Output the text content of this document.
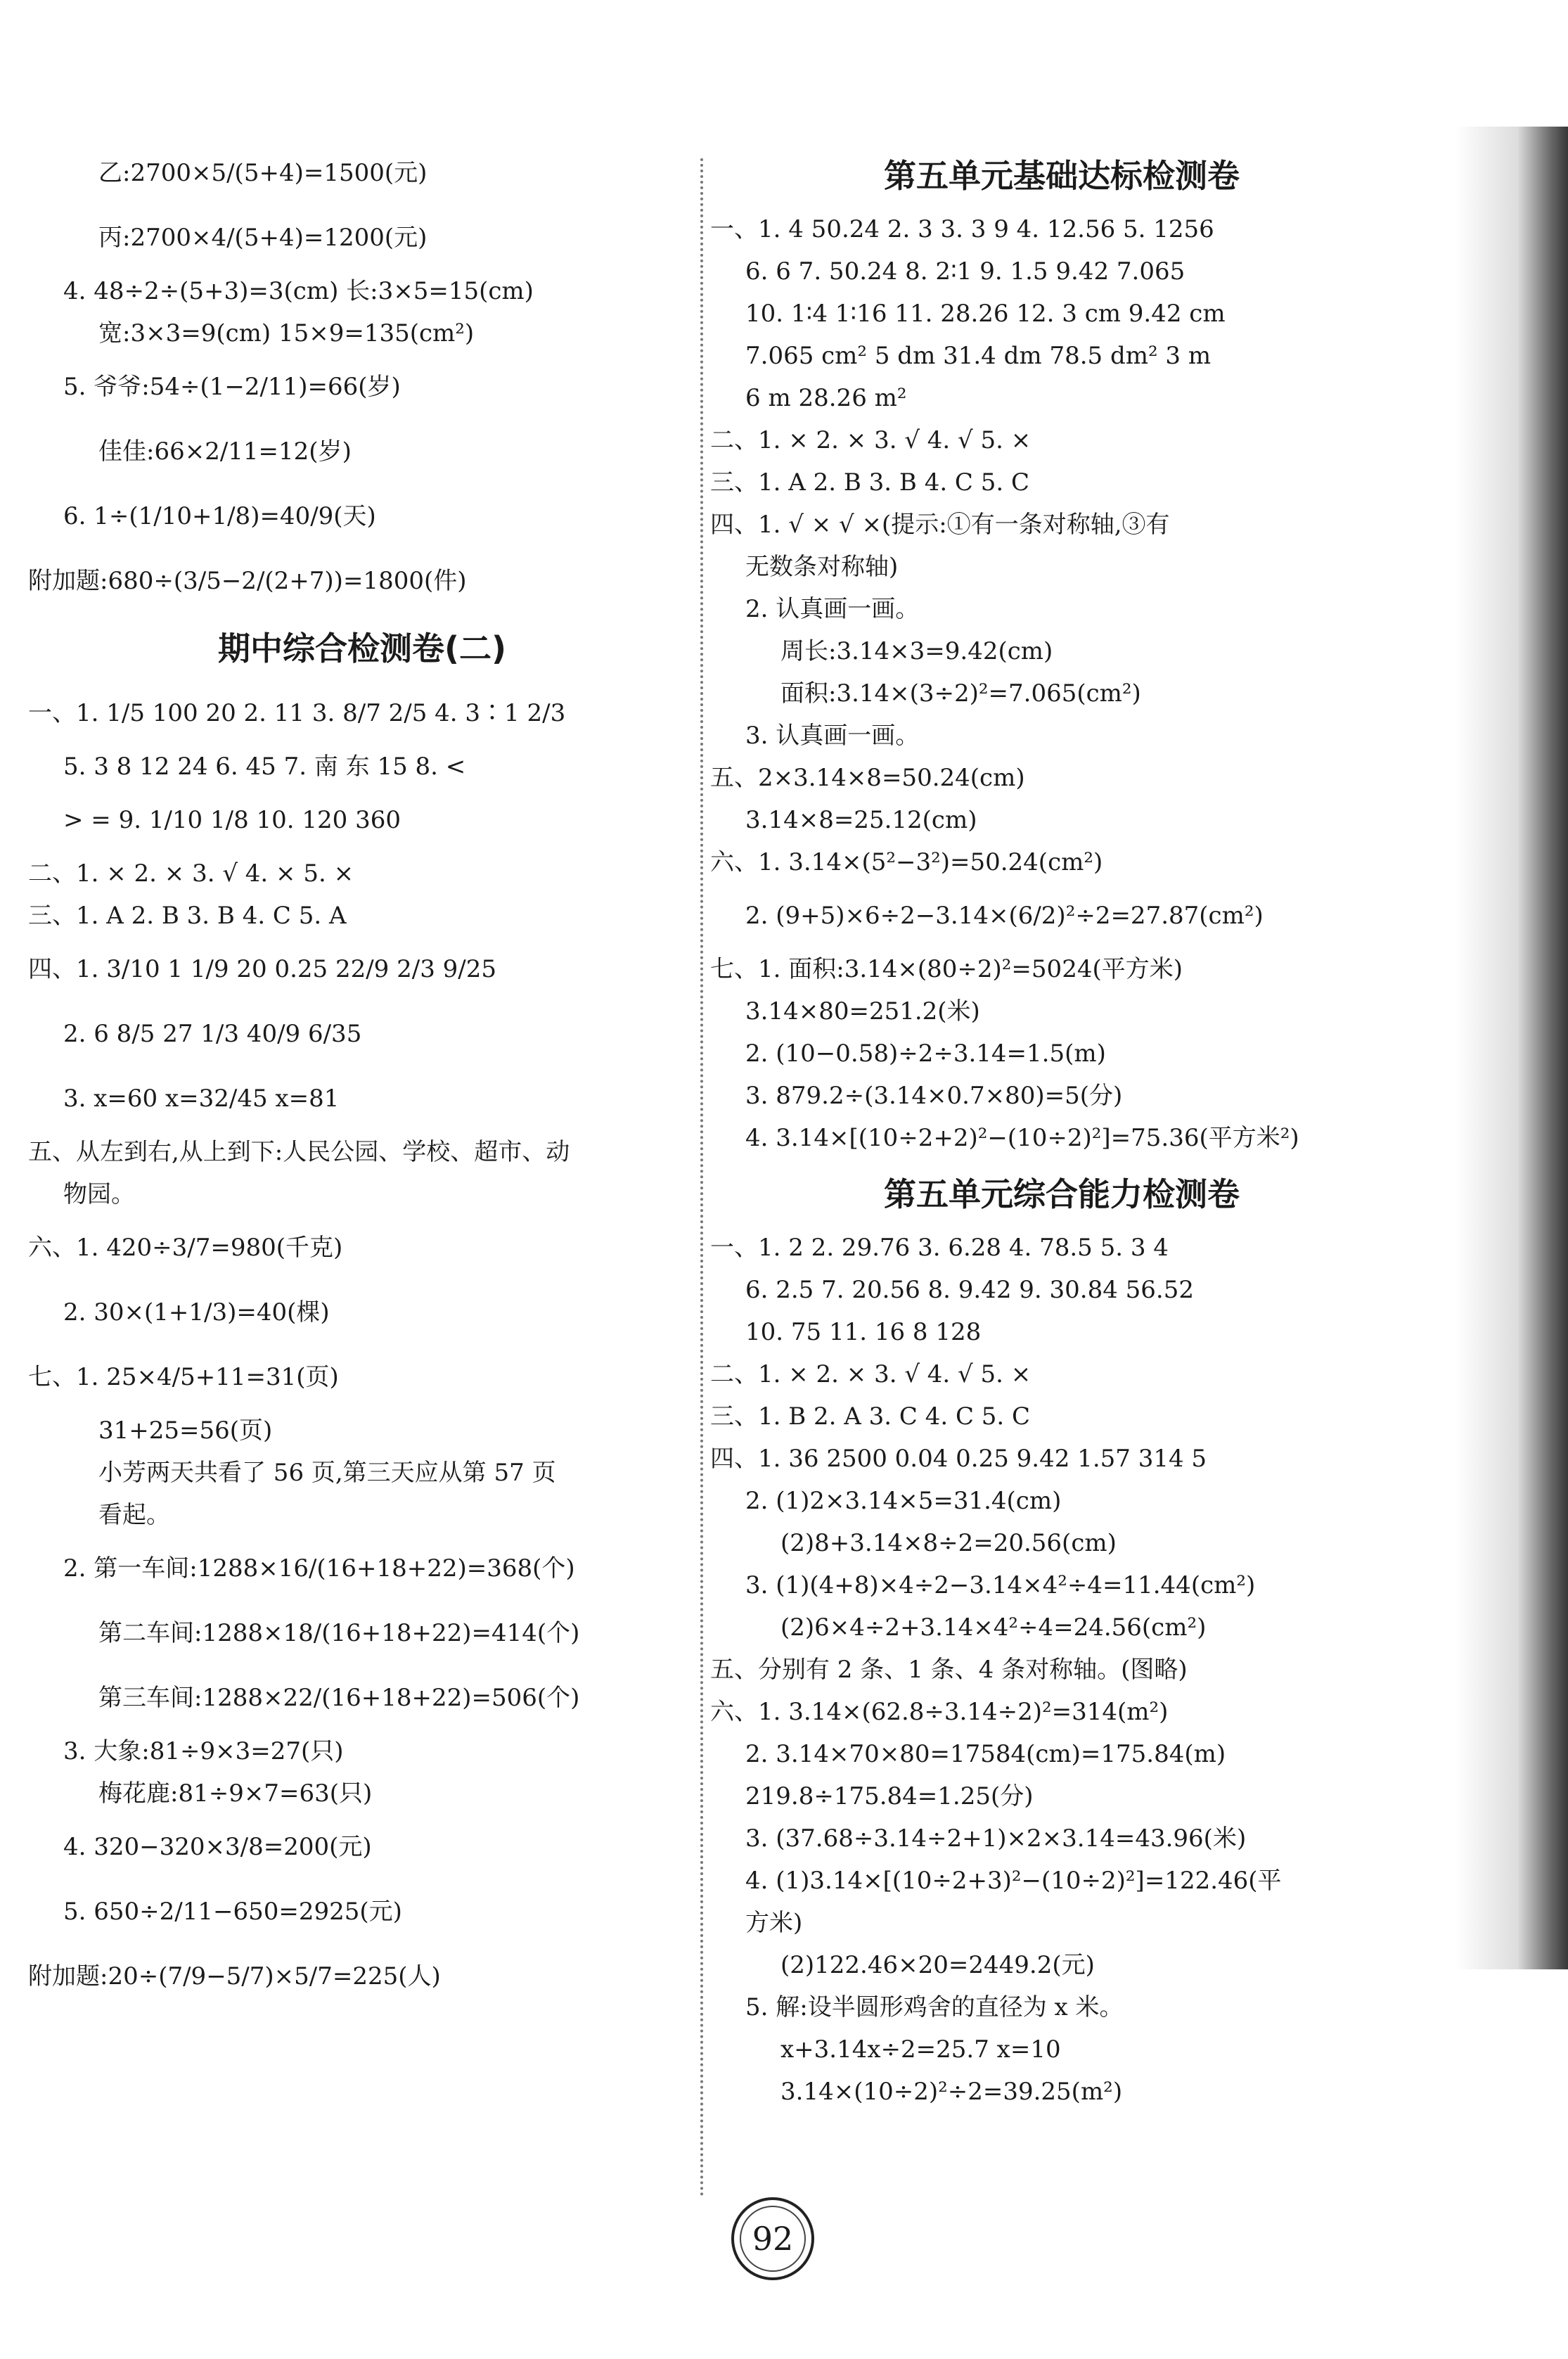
乙:2700×5/(5+4)=1500(元)
丙:2700×4/(5+4)=1200(元)
4. 48÷2÷(5+3)=3(cm) 长:3×5=15(cm)
宽:3×3=9(cm) 15×9=135(cm²)
5. 爷爷:54÷(1−2/11)=66(岁)
佳佳:66×2/11=12(岁)
6. 1÷(1/10+1/8)=40/9(天)
附加题:680÷(3/5−2/(2+7))=1800(件)
期中综合检测卷(二)
一、1. 1/5 100 20 2. 11 3. 8/7 2/5 4. 3∶1 2/3
5. 3 8 12 24 6. 45 7. 南 东 15 8. <
> = 9. 1/10 1/8 10. 120 360
二、1. × 2. × 3. √ 4. × 5. ×
三、1. A 2. B 3. B 4. C 5. A
四、1. 3/10 1 1/9 20 0.25 22/9 2/3 9/25
2. 6 8/5 27 1/3 40/9 6/35
3. x=60 x=32/45 x=81
五、从左到右,从上到下:人民公园、学校、超市、动
物园。
六、1. 420÷3/7=980(千克)
2. 30×(1+1/3)=40(棵)
七、1. 25×4/5+11=31(页)
31+25=56(页)
小芳两天共看了 56 页,第三天应从第 57 页
看起。
2. 第一车间:1288×16/(16+18+22)=368(个)
第二车间:1288×18/(16+18+22)=414(个)
第三车间:1288×22/(16+18+22)=506(个)
3. 大象:81÷9×3=27(只)
梅花鹿:81÷9×7=63(只)
4. 320−320×3/8=200(元)
5. 650÷2/11−650=2925(元)
附加题:20÷(7/9−5/7)×5/7=225(人)
第五单元基础达标检测卷
一、1. 4 50.24 2. 3 3. 3 9 4. 12.56 5. 1256
6. 6 7. 50.24 8. 2∶1 9. 1.5 9.42 7.065
10. 1∶4 1∶16 11. 28.26 12. 3 cm 9.42 cm
7.065 cm² 5 dm 31.4 dm 78.5 dm² 3 m
6 m 28.26 m²
二、1. × 2. × 3. √ 4. √ 5. ×
三、1. A 2. B 3. B 4. C 5. C
四、1. √ × √ ×(提示:①有一条对称轴,③有
无数条对称轴)
2. 认真画一画。
周长:3.14×3=9.42(cm)
面积:3.14×(3÷2)²=7.065(cm²)
3. 认真画一画。
五、2×3.14×8=50.24(cm)
3.14×8=25.12(cm)
六、1. 3.14×(5²−3²)=50.24(cm²)
2. (9+5)×6÷2−3.14×(6/2)²÷2=27.87(cm²)
七、1. 面积:3.14×(80÷2)²=5024(平方米)
3.14×80=251.2(米)
2. (10−0.58)÷2÷3.14=1.5(m)
3. 879.2÷(3.14×0.7×80)=5(分)
4. 3.14×[(10÷2+2)²−(10÷2)²]=75.36(平方米²)
第五单元综合能力检测卷
一、1. 2 2. 29.76 3. 6.28 4. 78.5 5. 3 4
6. 2.5 7. 20.56 8. 9.42 9. 30.84 56.52
10. 75 11. 16 8 128
二、1. × 2. × 3. √ 4. √ 5. ×
三、1. B 2. A 3. C 4. C 5. C
四、1. 36 2500 0.04 0.25 9.42 1.57 314 5
2. (1)2×3.14×5=31.4(cm)
(2)8+3.14×8÷2=20.56(cm)
3. (1)(4+8)×4÷2−3.14×4²÷4=11.44(cm²)
(2)6×4÷2+3.14×4²÷4=24.56(cm²)
五、分别有 2 条、1 条、4 条对称轴。(图略)
六、1. 3.14×(62.8÷3.14÷2)²=314(m²)
2. 3.14×70×80=17584(cm)=175.84(m)
219.8÷175.84=1.25(分)
3. (37.68÷3.14÷2+1)×2×3.14=43.96(米)
4. (1)3.14×[(10÷2+3)²−(10÷2)²]=122.46(平
方米)
(2)122.46×20=2449.2(元)
5. 解:设半圆形鸡舍的直径为 x 米。
x+3.14x÷2=25.7 x=10
3.14×(10÷2)²÷2=39.25(m²)
92
